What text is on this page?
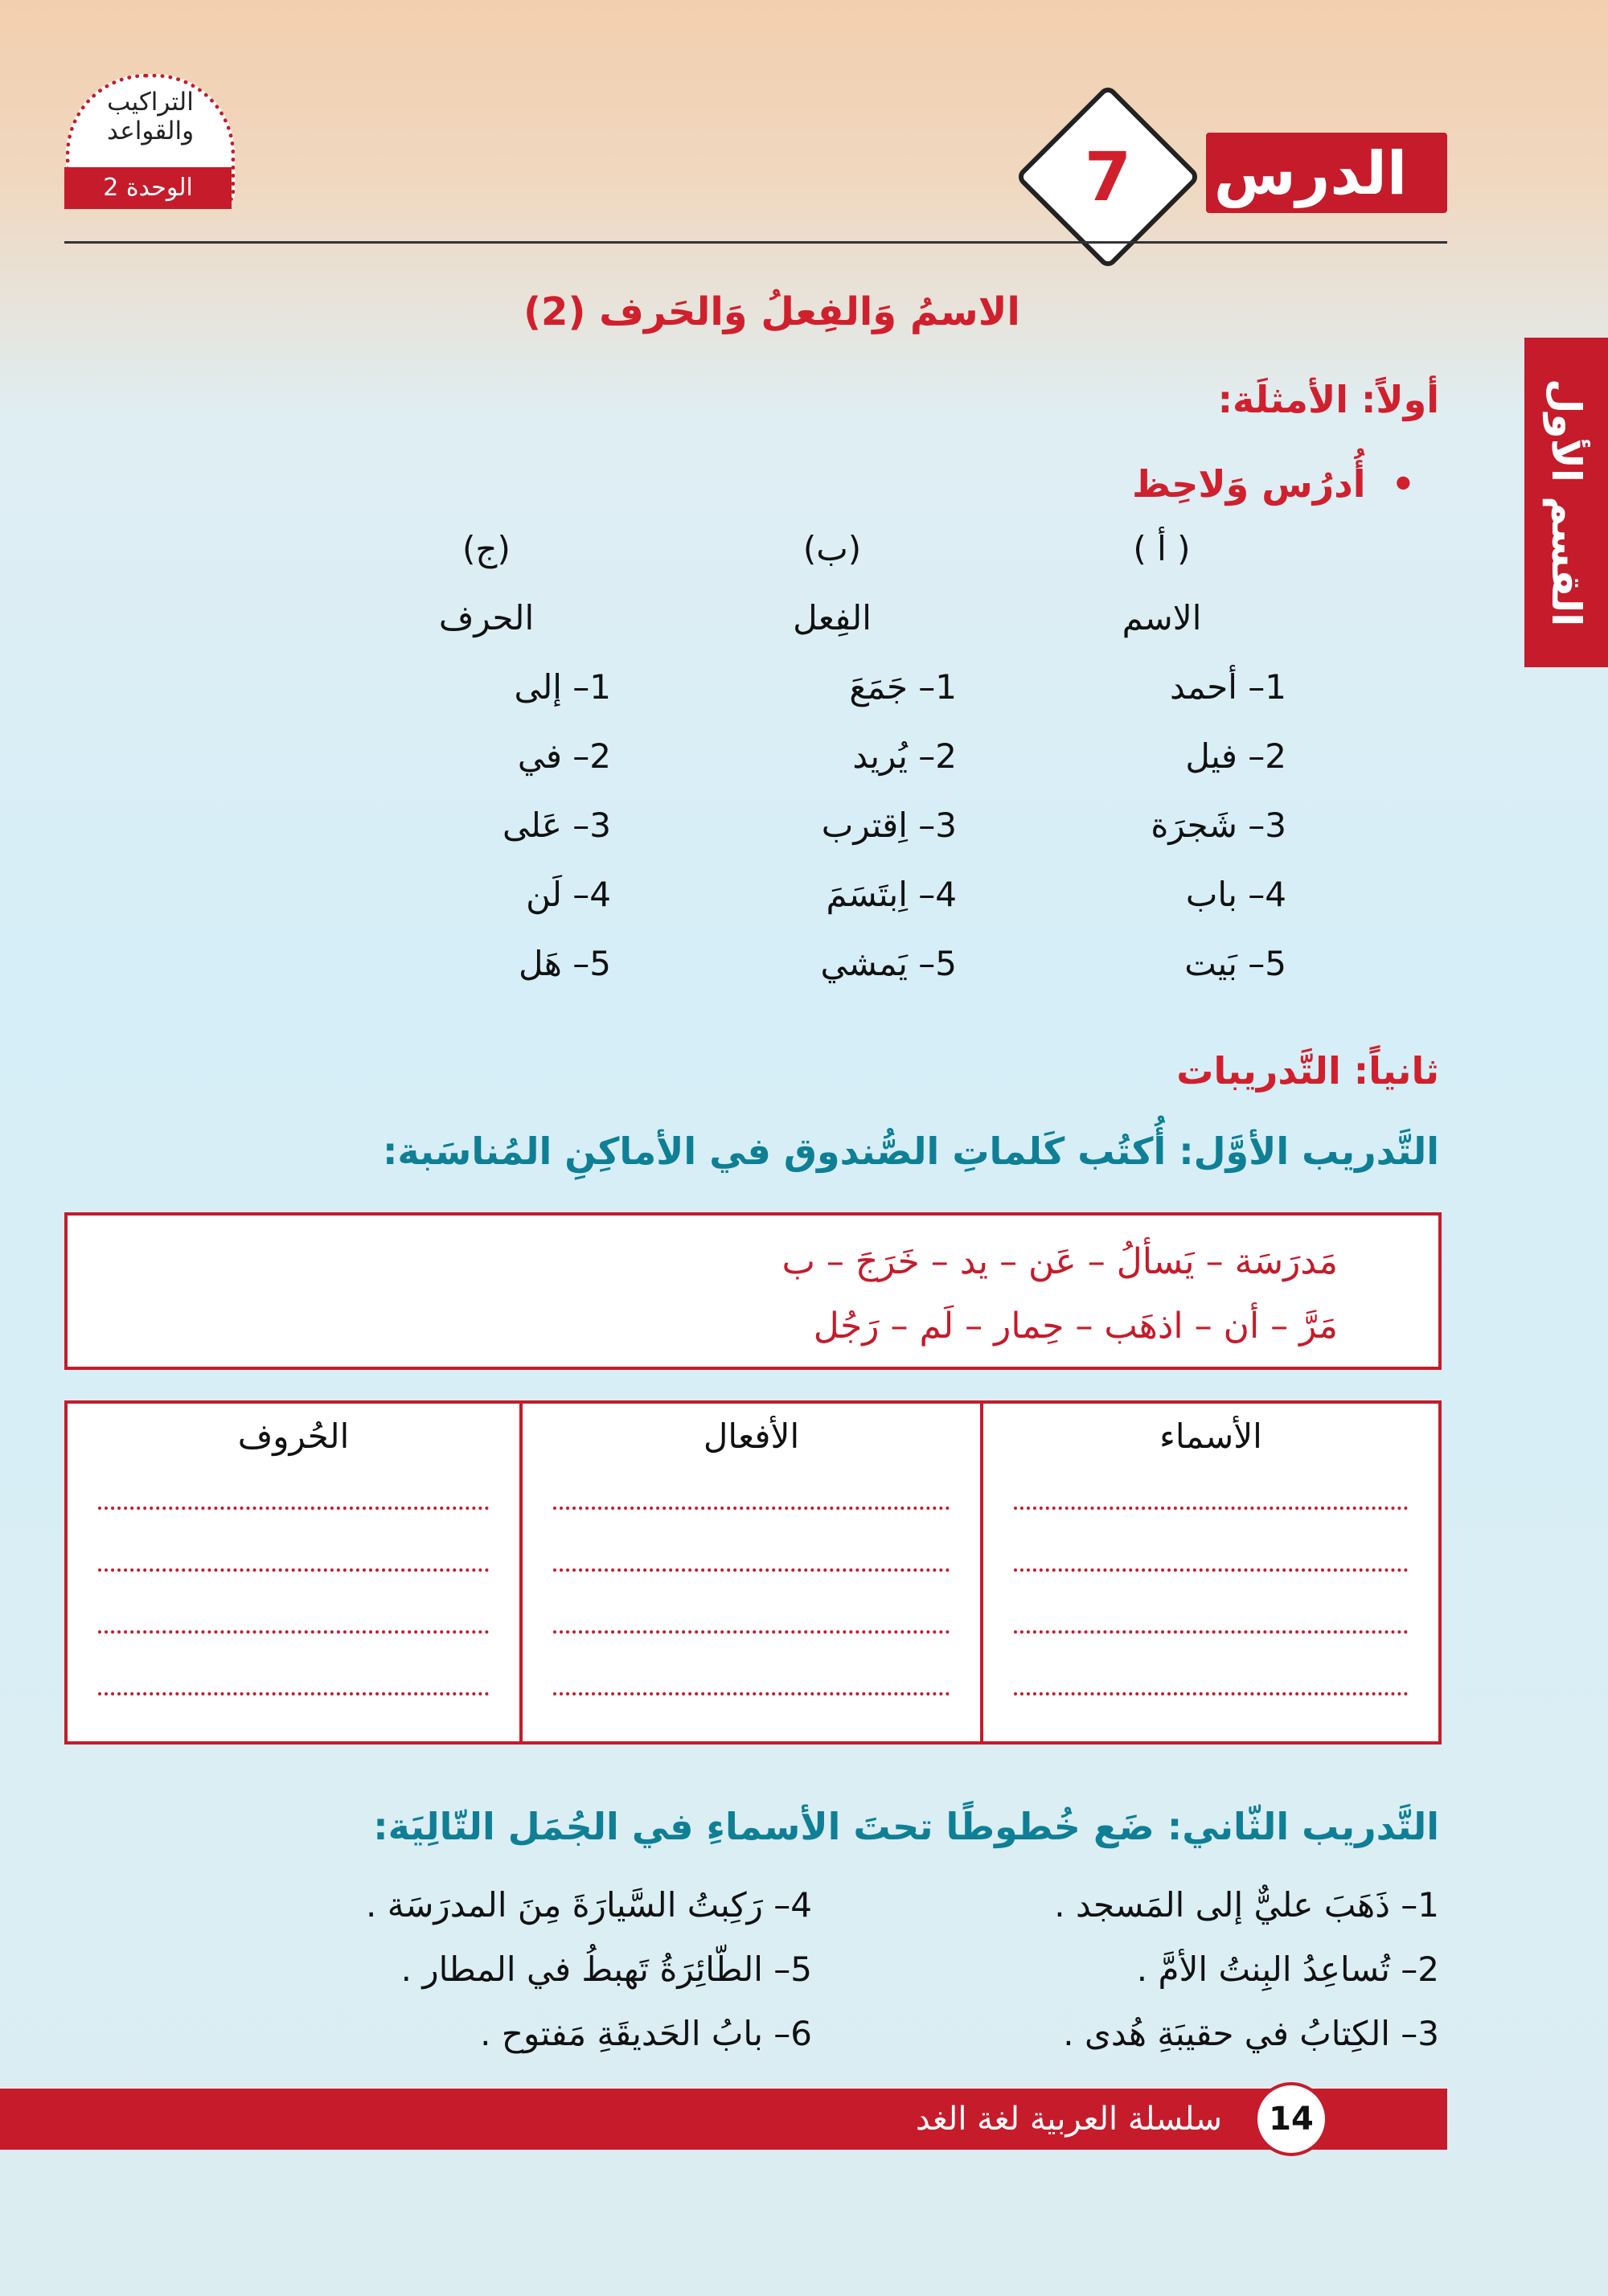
التراكيب
والقواعد
الوحدة 2	الدرس
7
القسم الأول
الاسمُ وَالفِعلُ وَالحَرف (2)
أولاً: الأمثلَة:
•  أُدرُس وَلاحِظ
( أ )
الاسم
1– أحمد
2– فيل
3– شَجرَة
4– باب
5– بَيت
(ب)
الفِعل
1– جَمَعَ
2– يُريد
3– اِقترب
4– اِبتَسَمَ
5– يَمشي
(ج)
الحرف
1– إلى
2– في
3– عَلى
4– لَن
5– هَل
ثانياً: التَّدريبات
التَّدريب الأوَّل: أُكتُب كَلماتِ الصُّندوق في الأماكِنِ المُناسَبة:
مَدرَسَة – يَسألُ – عَن – يد – خَرَجَ – ب
مَرَّ – أن – اذهَب – حِمار – لَم – رَجُل
الأسماء
الأفعال
الحُروف
التَّدريب الثّاني: ضَع خُطوطًا تحتَ الأسماءِ في الجُمَل التّالِيَة:
1– ذَهَبَ عليٌّ إلى المَسجد .
2– تُساعِدُ البِنتُ الأمَّ .
3– الكِتابُ في حقيبَةِ هُدى .
4– رَكِبتُ السَّيارَةَ مِنَ المدرَسَة .
5– الطّائِرَةُ تَهبطُ في المطار .
6– بابُ الحَديقَةِ مَفتوح .
سلسلة العربية لغة الغد	14
